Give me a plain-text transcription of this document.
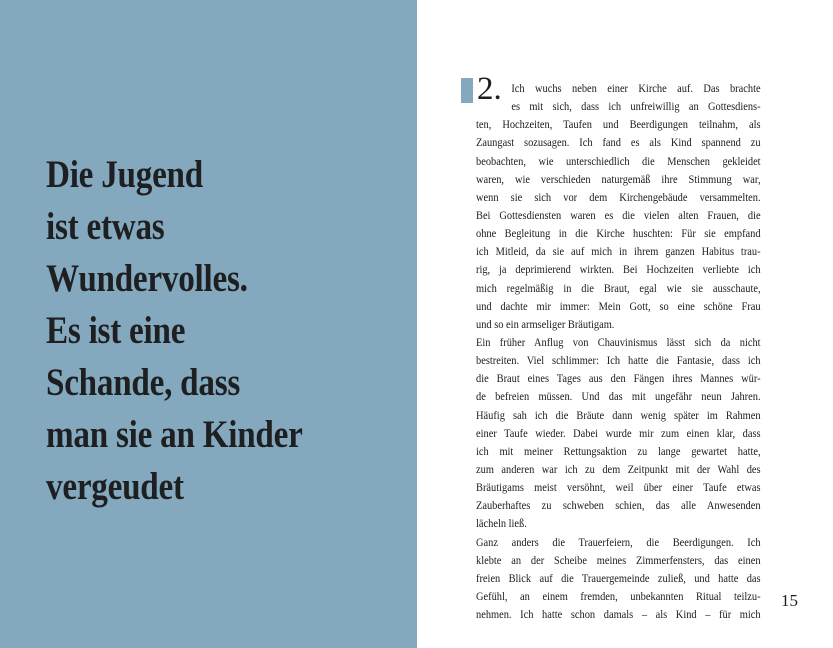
Die Jugend
ist etwas
Wundervolles.
Es ist eine
Schande, dass
man sie an Kinder
vergeudet
2. Ich wuchs neben einer Kirche auf. Das brachte
es mit sich, dass ich unfreiwillig an Gottesdiens-
ten, Hochzeiten, Taufen und Beerdigungen teilnahm, als
Zaungast sozusagen. Ich fand es als Kind spannend zu
beobachten, wie unterschiedlich die Menschen gekleidet
waren, wie verschieden naturgemäß ihre Stimmung war,
wenn sie sich vor dem Kirchengebäude versammelten.
Bei Gottesdiensten waren es die vielen alten Frauen, die
ohne Begleitung in die Kirche huschten: Für sie empfand
ich Mitleid, da sie auf mich in ihrem ganzen Habitus trau-
rig, ja deprimierend wirkten. Bei Hochzeiten verliebte ich
mich regelmäßig in die Braut, egal wie sie ausschaute,
und dachte mir immer: Mein Gott, so eine schöne Frau
und so ein armseliger Bräutigam.
Ein früher Anflug von Chauvinismus lässt sich da nicht
bestreiten. Viel schlimmer: Ich hatte die Fantasie, dass ich
die Braut eines Tages aus den Fängen ihres Mannes wür-
de befreien müssen. Und das mit ungefähr neun Jahren.
Häufig sah ich die Bräute dann wenig später im Rahmen
einer Taufe wieder. Dabei wurde mir zum einen klar, dass
ich mit meiner Rettungsaktion zu lange gewartet hatte,
zum anderen war ich zu dem Zeitpunkt mit der Wahl des
Bräutigams meist versöhnt, weil über einer Taufe etwas
Zauberhaftes zu schweben schien, das alle Anwesenden
lächeln ließ.
Ganz anders die Trauerfeiern, die Beerdigungen. Ich
klebte an der Scheibe meines Zimmerfensters, das einen
freien Blick auf die Trauergemeinde zuließ, und hatte das
Gefühl, an einem fremden, unbekannten Ritual teilzu-
nehmen. Ich hatte schon damals – als Kind – für mich
15
